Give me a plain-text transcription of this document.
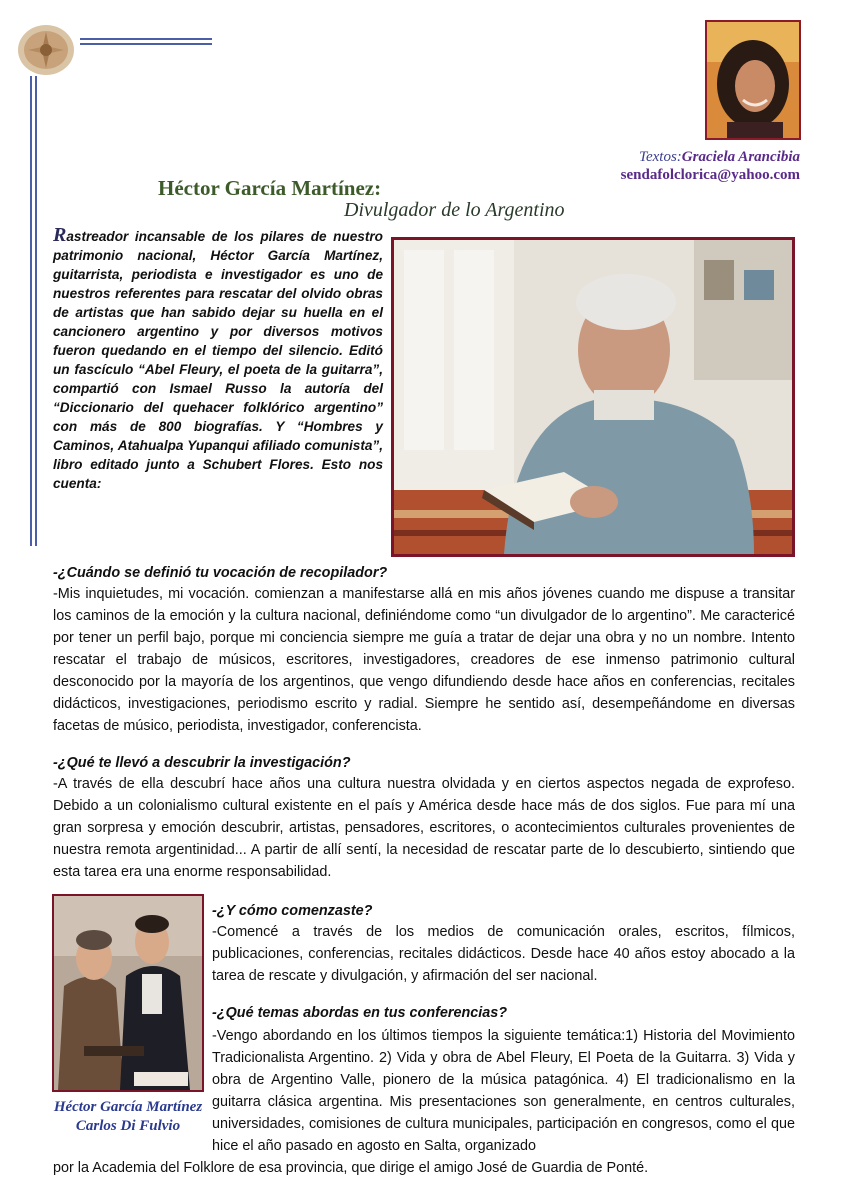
Textos:Graciela Arancibia
sendafolclorica@yahoo.com
Héctor García Martínez:
Divulgador de lo Argentino

Rastreador incansable de los pilares de nuestro patrimonio nacional, Héctor García Martínez, guitarrista, periodista e investigador es uno de nuestros referentes para rescatar del olvido obras de artistas que han sabido dejar su huella en el cancionero argentino y por diversos motivos fueron quedando en el tiempo del silencio. Editó un fascículo “Abel Fleury, el poeta de la guitarra”, compartió con Ismael Russo la autoría del “Diccionario del quehacer folklórico argentino” con más de 800 biografías. Y “Hombres y Caminos, Atahualpa Yupanqui afiliado comunista”, libro editado junto a Schubert Flores. Esto nos cuenta:

-¿Cuándo se definió tu vocación de recopilador?

-Mis inquietudes, mi vocación. comienzan a manifestarse allá en mis años jóvenes cuando me dispuse a transitar los caminos de la emoción y la cultura nacional, definiéndome como “un divulgador de lo argentino”. Me caractericé por tener un perfil bajo, porque mi conciencia siempre me guía a tratar de dejar una obra y no un nombre. Intento rescatar el trabajo de músicos, escritores, investigadores, creadores de ese inmenso patrimonio cultural desconocido por la mayoría de los argentinos, que vengo difundiendo desde hace años en conferencias, recitales didácticos, investigaciones, periodismo escrito y radial. Siempre he sentido así, desempeñándome en diversas facetas de músico, periodista, investigador, conferencista.

-¿Qué te llevó a descubrir la investigación?

-A través de ella descubrí hace años una cultura nuestra olvidada y en ciertos aspectos negada de exprofeso. Debido a un colonialismo cultural existente en el país y América desde hace más de dos siglos. Fue para mí una gran sorpresa y emoción descubrir, artistas, pensadores, escritores, o acontecimientos culturales provenientes de nuestra remota argentinidad... A partir de allí sentí, la necesidad de rescatar parte de lo descubierto, sintiendo que esta tarea era una enorme responsabilidad.

Héctor García Martínez
Carlos Di Fulvio

-¿Y cómo comenzaste?

-Comencé a través de los medios de comunicación orales, escritos, fílmicos, publicaciones, conferencias, recitales didácticos. Desde hace 40 años estoy abocado a la tarea de rescate y divulgación, y afirmación del ser nacional.

-¿Qué temas abordas en tus conferencias?

-Vengo abordando en los últimos tiempos la siguiente temática:1) Historia del Movimiento Tradicionalista Argentino. 2) Vida y obra de Abel Fleury, El Poeta de la Guitarra. 3) Vida y obra de Argentino Valle, pionero de la música patagónica. 4) El tradicionalismo en la guitarra clásica argentina. Mis presentaciones son generalmente, en centros culturales, universidades, comisiones de cultura municipales, participación en congresos, como el que hice el año pasado en agosto en Salta, organizado

por la Academia del Folklore de esa provincia, que dirige el amigo José de Guardia de Ponté.
